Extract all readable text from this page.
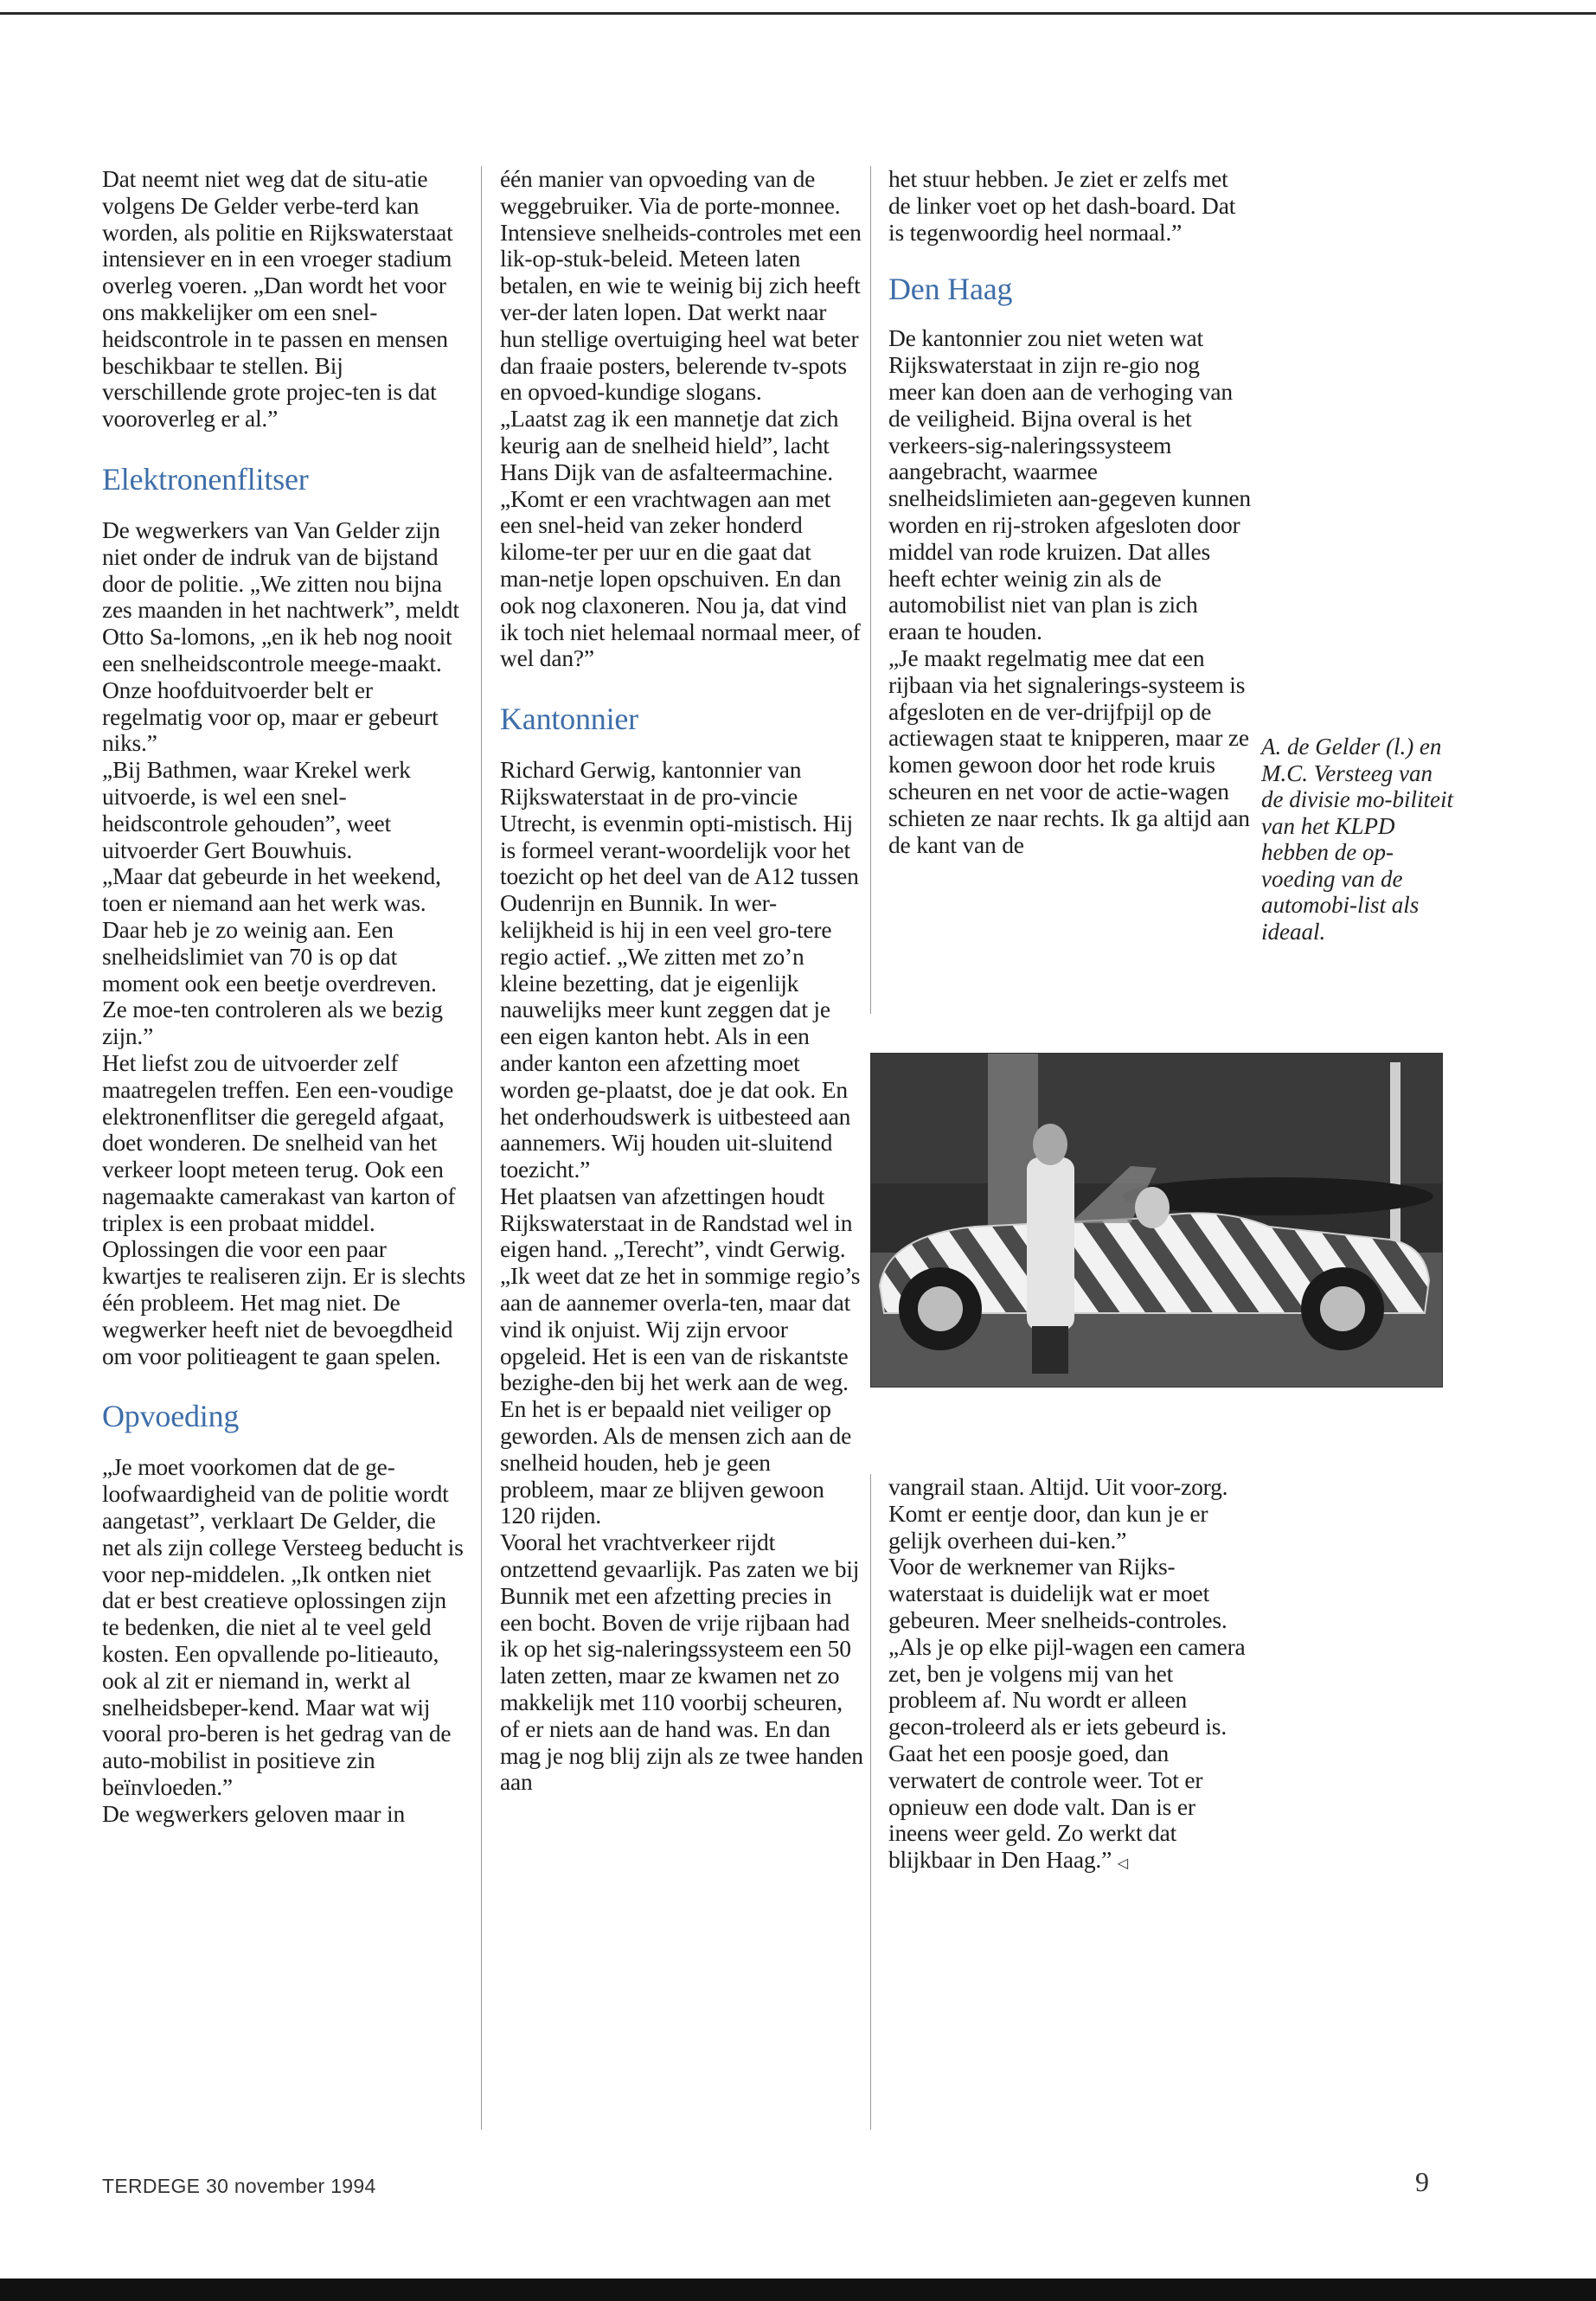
Dat neemt niet weg dat de situ-atie volgens De Gelder verbe-terd kan worden, als politie en Rijkswaterstaat intensiever en in een vroeger stadium overleg voeren. „Dan wordt het voor ons makkelijker om een snel-heidscontrole in te passen en mensen beschikbaar te stellen. Bij verschillende grote projec-ten is dat vooroverleg er al.”

Elektronenflitser

De wegwerkers van Van Gelder zijn niet onder de indruk van de bijstand door de politie. „We zitten nou bijna zes maanden in het nachtwerk”, meldt Otto Sa-lomons, „en ik heb nog nooit een snelheidscontrole meege-maakt. Onze hoofduitvoerder belt er regelmatig voor op, maar er gebeurt niks.”

„Bij Bathmen, waar Krekel werk uitvoerde, is wel een snel-heidscontrole gehouden”, weet uitvoerder Gert Bouwhuis.

„Maar dat gebeurde in het weekend, toen er niemand aan het werk was. Daar heb je zo weinig aan. Een snelheidslimiet van 70 is op dat moment ook een beetje overdreven. Ze moe-ten controleren als we bezig zijn.”

Het liefst zou de uitvoerder zelf maatregelen treffen. Een een-voudige elektronenflitser die geregeld afgaat, doet wonderen. De snelheid van het verkeer loopt meteen terug. Ook een nagemaakte camerakast van karton of triplex is een probaat middel. Oplossingen die voor een paar kwartjes te realiseren zijn. Er is slechts één probleem. Het mag niet. De wegwerker heeft niet de bevoegdheid om voor politieagent te gaan spelen.

Opvoeding

„Je moet voorkomen dat de ge-loofwaardigheid van de politie wordt aangetast”, verklaart De Gelder, die net als zijn college Versteeg beducht is voor nep-middelen. „Ik ontken niet dat er best creatieve oplossingen zijn te bedenken, die niet al te veel geld kosten. Een opvallende po-litieauto, ook al zit er niemand in, werkt al snelheidsbeper-kend. Maar wat wij vooral pro-beren is het gedrag van de auto-mobilist in positieve zin beïnvloeden.”

De wegwerkers geloven maar in

één manier van opvoeding van de weggebruiker. Via de porte-monnee. Intensieve snelheids-controles met een lik-op-stuk-beleid. Meteen laten betalen, en wie te weinig bij zich heeft ver-der laten lopen. Dat werkt naar hun stellige overtuiging heel wat beter dan fraaie posters, belerende tv-spots en opvoed-kundige slogans.

„Laatst zag ik een mannetje dat zich keurig aan de snelheid hield”, lacht Hans Dijk van de asfalteermachine. „Komt er een vrachtwagen aan met een snel-heid van zeker honderd kilome-ter per uur en die gaat dat man-netje lopen opschuiven. En dan ook nog claxoneren. Nou ja, dat vind ik toch niet helemaal normaal meer, of wel dan?”

Kantonnier

Richard Gerwig, kantonnier van Rijkswaterstaat in de pro-vincie Utrecht, is evenmin opti-mistisch. Hij is formeel verant-woordelijk voor het toezicht op het deel van de A12 tussen Oudenrijn en Bunnik. In wer-kelijkheid is hij in een veel gro-tere regio actief. „We zitten met zo’n kleine bezetting, dat je eigenlijk nauwelijks meer kunt zeggen dat je een eigen kanton hebt. Als in een ander kanton een afzetting moet worden ge-plaatst, doe je dat ook. En het onderhoudswerk is uitbesteed aan aannemers. Wij houden uit-sluitend toezicht.”

Het plaatsen van afzettingen houdt Rijkswaterstaat in de Randstad wel in eigen hand. „Terecht”, vindt Gerwig. „Ik weet dat ze het in sommige regio’s aan de aannemer overla-ten, maar dat vind ik onjuist. Wij zijn ervoor opgeleid. Het is een van de riskantste bezighe-den bij het werk aan de weg. En het is er bepaald niet veiliger op geworden. Als de mensen zich aan de snelheid houden, heb je geen probleem, maar ze blijven gewoon 120 rijden.

Vooral het vrachtverkeer rijdt ontzettend gevaarlijk. Pas zaten we bij Bunnik met een afzetting precies in een bocht. Boven de vrije rijbaan had ik op het sig-naleringssysteem een 50 laten zetten, maar ze kwamen net zo makkelijk met 110 voorbij scheuren, of er niets aan de hand was. En dan mag je nog blij zijn als ze twee handen aan

het stuur hebben. Je ziet er zelfs met de linker voet op het dash-board. Dat is tegenwoordig heel normaal.”

Den Haag

De kantonnier zou niet weten wat Rijkswaterstaat in zijn re-gio nog meer kan doen aan de verhoging van de veiligheid. Bijna overal is het verkeers-sig-naleringssysteem aangebracht, waarmee snelheidslimieten aan-gegeven kunnen worden en rij-stroken afgesloten door middel van rode kruizen. Dat alles heeft echter weinig zin als de automobilist niet van plan is zich eraan te houden.

„Je maakt regelmatig mee dat een rijbaan via het signalerings-systeem is afgesloten en de ver-drijfpijl op de actiewagen staat te knipperen, maar ze komen gewoon door het rode kruis scheuren en net voor de actie-wagen schieten ze naar rechts. Ik ga altijd aan de kant van de

A. de Gelder (l.) en M.C. Versteeg van de divisie mo-biliteit van het KLPD hebben de op-voeding van de automobi-list als ideaal.

vangrail staan. Altijd. Uit voor-zorg. Komt er eentje door, dan kun je er gelijk overheen dui-ken.”

Voor de werknemer van Rijks-waterstaat is duidelijk wat er moet gebeuren. Meer snelheids-controles. „Als je op elke pijl-wagen een camera zet, ben je volgens mij van het probleem af. Nu wordt er alleen gecon-troleerd als er iets gebeurd is. Gaat het een poosje goed, dan verwatert de controle weer. Tot er opnieuw een dode valt. Dan is er ineens weer geld. Zo werkt dat blijkbaar in Den Haag.” ◁

TERDEGE 30 november 1994	9
